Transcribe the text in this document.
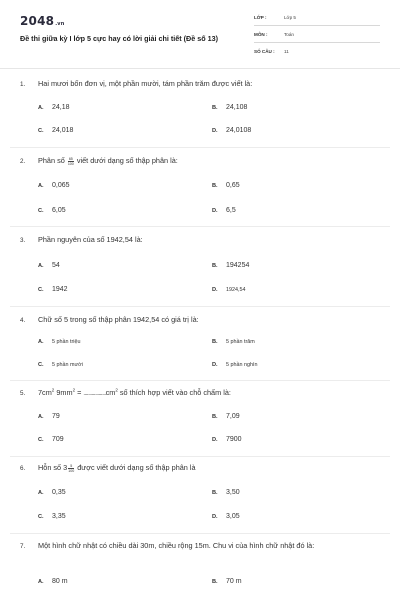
2048.vn
Đề thi giữa kỳ I lớp 5 cực hay có lời giải chi tiết (Đề số 13)
LỚP :	Lớp 5
MÔN :	Toán
SỐ CÂU : 11
1. Hai mươi bốn đơn vị, một phần mười, tám phần trăm được viết là:
A. 24,18	B. 24,108
C. 24,018	D. 24,0108
2. Phân số $\frac{65}{100}$ viết dưới dạng số thập phân là:
A. 0,065	B. 0,65
C. 6,05	D. 6,5
3. Phần nguyên của số 1942,54 là:
A. 54	B. 194254
C. 1942	D. 1924,54
4. Chữ số 5 trong số thập phân 1942,54 có giá trị là:
A. 5 phần triệu	B. 5 phần trăm
C. 5 phần mười	D. 5 phần nghìn
5. $7cm^2$ $9mm^2 = ...................cm^2$ số thích hợp viết vào chỗ chấm là:
A. 79	B. 7,09
C. 709	D. 7900
6. Hỗn số $3 \frac{5}{100}$ được viết dưới dạng số thập phân là
A. 0,35	B. 3,50
C. 3,35	D. 3,05
7. Một hình chữ nhật có chiều dài 30m, chiều rộng 15m. Chu vi của hình chữ nhật đó là:
A. 80 m	B. 70 m
